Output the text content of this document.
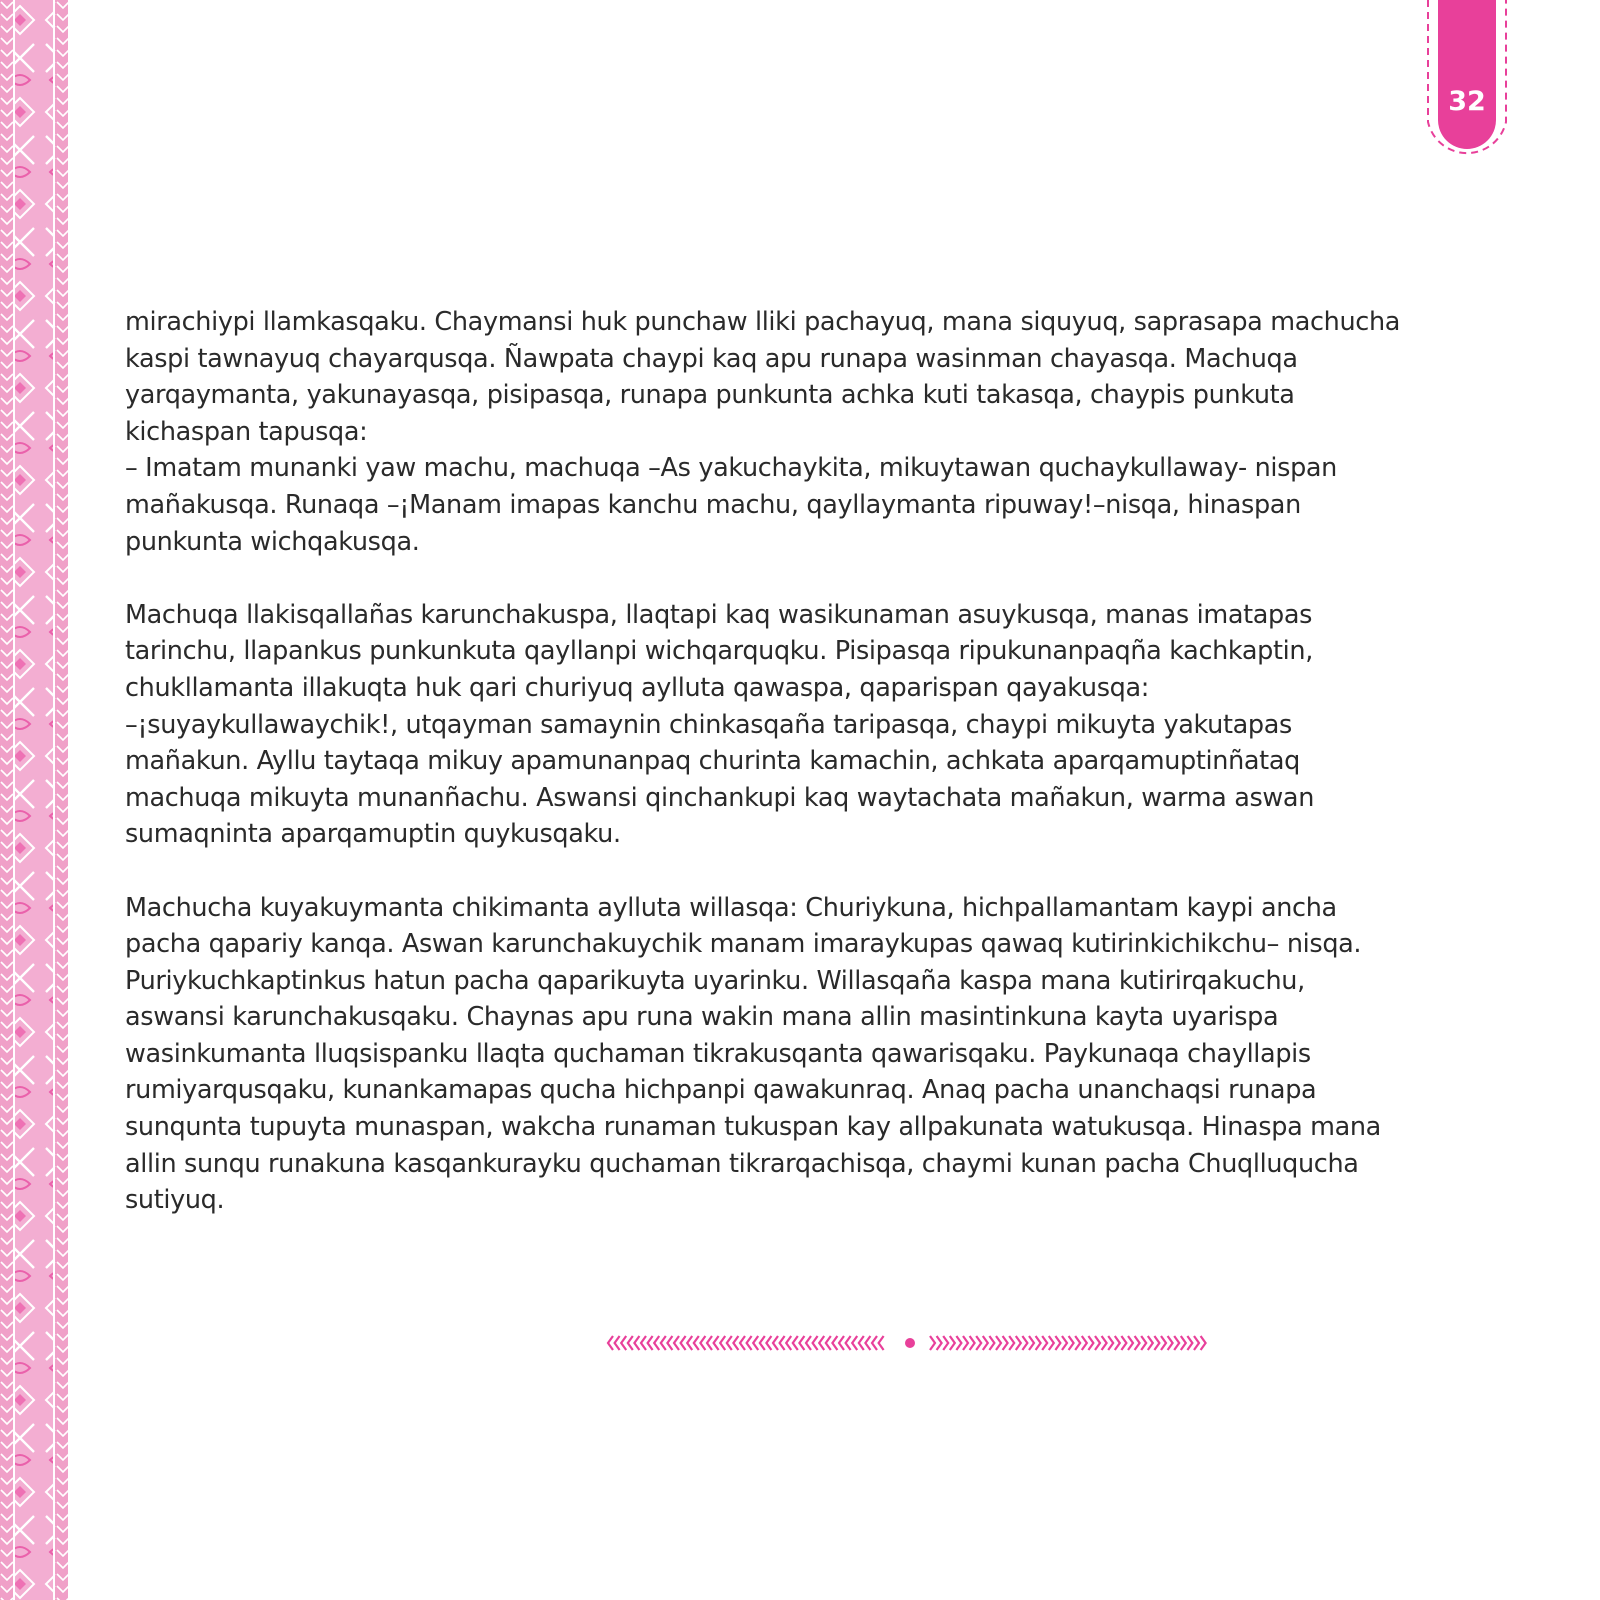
32

mirachiypi llamkasqaku. Chaymansi huk punchaw lliki pachayuq, mana siquyuq, saprasapa machucha
kaspi tawnayuq chayarqusqa. Ñawpata chaypi kaq apu runapa wasinman chayasqa. Machuqa
yarqaymanta, yakunayasqa, pisipasqa, runapa punkunta achka kuti takasqa, chaypis punkuta
kichaspan tapusqa:
– Imatam munanki yaw machu, machuqa –As yakuchaykita, mikuytawan quchaykullaway- nispan
mañakusqa. Runaqa –¡Manam imapas kanchu machu, qayllaymanta ripuway!–nisqa, hinaspan
punkunta wichqakusqa.

Machuqa llakisqallañas karunchakuspa, llaqtapi kaq wasikunaman asuykusqa, manas imatapas
tarinchu, llapankus punkunkuta qayllanpi wichqarquqku. Pisipasqa ripukunanpaqña kachkaptin,
chukllamanta illakuqta huk qari churiyuq aylluta qawaspa, qaparispan qayakusqa:
–¡suyaykullawaychik!, utqayman samaynin chinkasqaña taripasqa, chaypi mikuyta yakutapas
mañakun. Ayllu taytaqa mikuy apamunanpaq churinta kamachin, achkata aparqamuptinñataq
machuqa mikuyta munanñachu. Aswansi qinchankupi kaq waytachata mañakun, warma aswan
sumaqninta aparqamuptin quykusqaku.

Machucha kuyakuymanta chikimanta aylluta willasqa: Churiykuna, hichpallamantam kaypi ancha
pacha qapariy kanqa. Aswan karunchakuychik manam imaraykupas qawaq kutirinkichikchu– nisqa.
Puriykuchkaptinkus hatun pacha qaparikuyta uyarinku. Willasqaña kaspa mana kutirirqakuchu,
aswansi karunchakusqaku. Chaynas apu runa wakin mana allin masintinkuna kayta uyarispa
wasinkumanta lluqsispanku llaqta quchaman tikrakusqanta qawarisqaku. Paykunaqa chayllapis
rumiyarqusqaku, kunankamapas qucha hichpanpi qawakunraq. Anaq pacha unanchaqsi runapa
sunqunta tupuyta munaspan, wakcha runaman tukuspan kay allpakunata watukusqa. Hinaspa mana
allin sunqu runakuna kasqankurayku quchaman tikrarqachisqa, chaymi kunan pacha Chuqlluqucha
sutiyuq.
